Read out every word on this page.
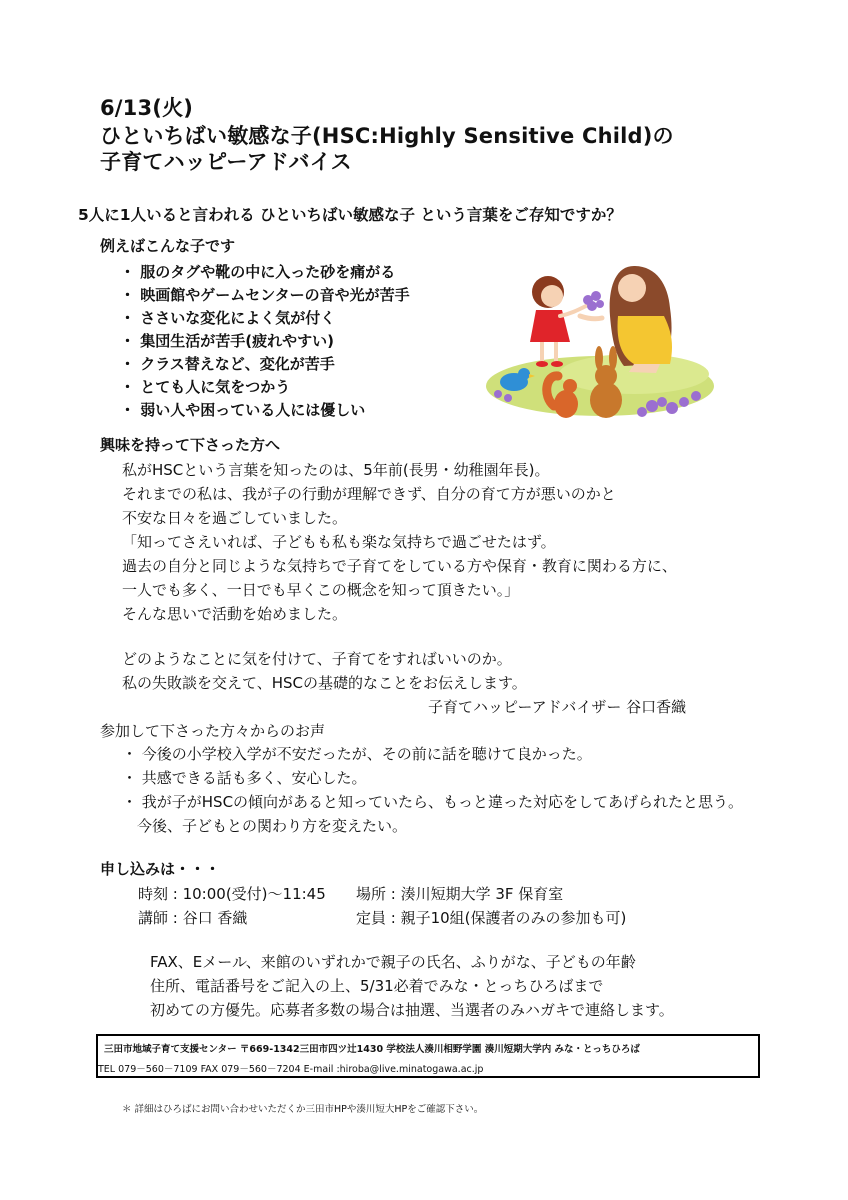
6/13(火)
ひといちばい敏感な子(HSC:Highly Sensitive Child)の
子育てハッピーアドバイス
5人に1人いると言われる ひといちばい敏感な子 という言葉をご存知ですか？
例えばこんな子です
・ 服のタグや靴の中に入った砂を痛がる
・ 映画館やゲームセンターの音や光が苦手
・ ささいな変化によく気が付く
・ 集団生活が苦手(疲れやすい)
・ クラス替えなど、変化が苦手
・ とても人に気をつかう
・ 弱い人や困っている人には優しい
興味を持って下さった方へ
私がHSCという言葉を知ったのは、5年前(長男・幼稚園年長)。
それまでの私は、我が子の行動が理解できず、自分の育て方が悪いのかと
不安な日々を過ごしていました。
「知ってさえいれば、子どもも私も楽な気持ちで過ごせたはず。
過去の自分と同じような気持ちで子育てをしている方や保育・教育に関わる方に、
一人でも多く、一日でも早くこの概念を知って頂きたい。」
そんな思いで活動を始めました。
どのようなことに気を付けて、子育てをすればいいのか。
私の失敗談を交えて、HSCの基礎的なことをお伝えします。
子育てハッピーアドバイザー 谷口香織
参加して下さった方々からのお声
・ 今後の小学校入学が不安だったが、その前に話を聴けて良かった。
・ 共感できる話も多く、安心した。
・ 我が子がHSCの傾向があると知っていたら、もっと違った対応をしてあげられたと思う。
今後、子どもとの関わり方を変えたい。
申し込みは・・・
時刻 : 10:00(受付)～11:45 場所 : 湊川短期大学 3F 保育室
講師 : 谷口 香織	定員 : 親子10組(保護者のみの参加も可)
FAX、Eメール、来館のいずれかで親子の氏名、ふりがな、子どもの年齢
住所、電話番号をご記入の上、5/31必着でみな・とっちひろばまで
初めての方優先。応募者多数の場合は抽選、当選者のみハガキで連絡します。
三田市地域子育て支援センター 〒669-1342三田市四ツ辻1430 学校法人湊川相野学園 湊川短期大学内 みな・とっちひろば
TEL 079－560－7109 FAX 079－560－7204 E-mail :hiroba@live.minatogawa.ac.jp
＊ 詳細はひろばにお問い合わせいただくか三田市HPや湊川短大HPをご確認下さい。
